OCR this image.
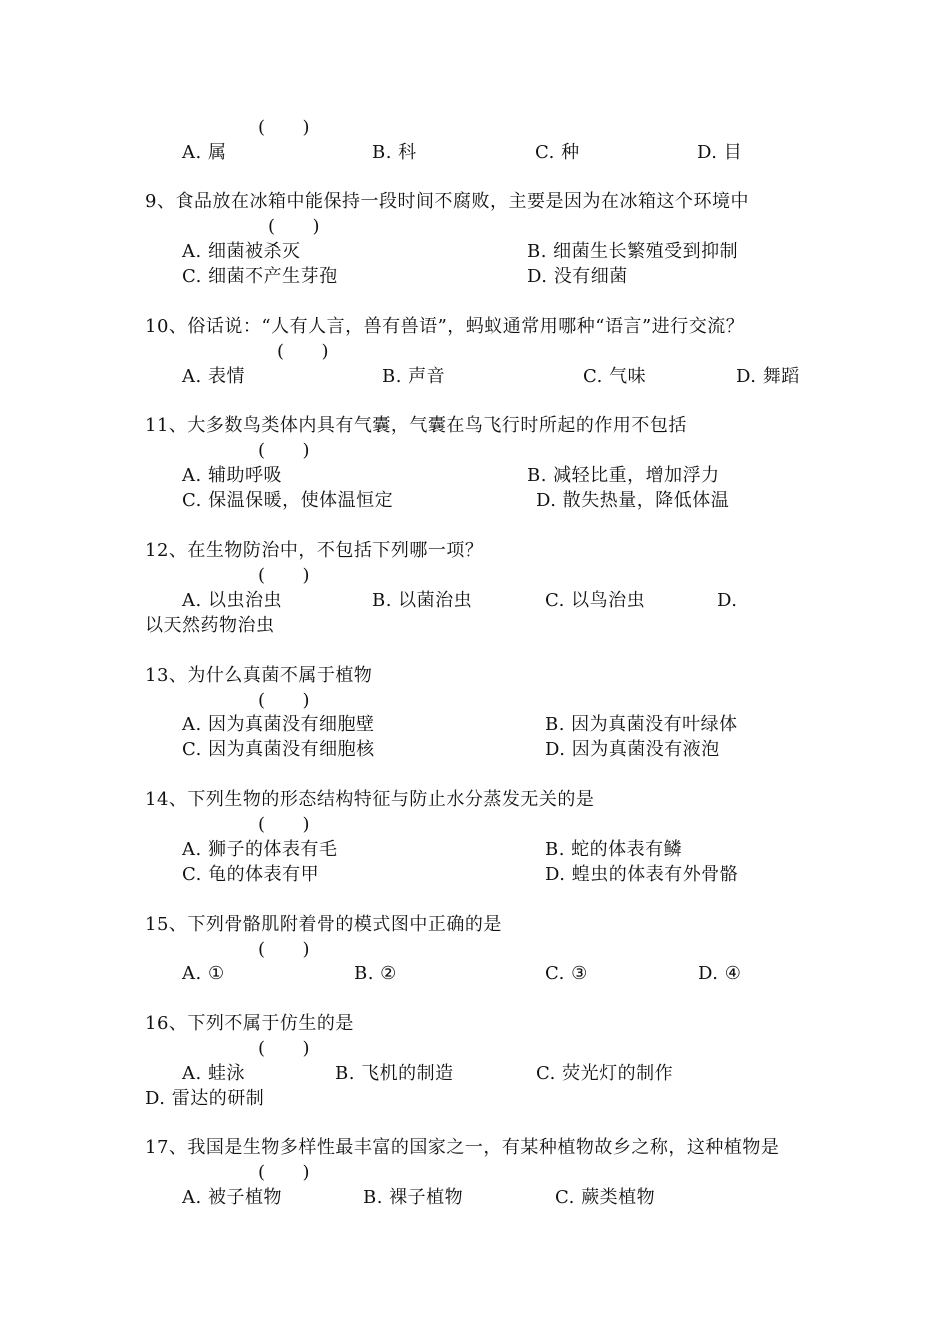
(　　)
A. 属	B. 科	C. 种	D. 目
9、食品放在冰箱中能保持一段时间不腐败，主要是因为在冰箱这个环境中
(　　)
A. 细菌被杀灭	B. 细菌生长繁殖受到抑制
C. 细菌不产生芽孢	D. 没有细菌
10、俗话说：“人有人言，兽有兽语”，蚂蚁通常用哪种“语言”进行交流？
(　　)
A. 表情	B. 声音	C. 气味	D. 舞蹈
11、大多数鸟类体内具有气囊，气囊在鸟飞行时所起的作用不包括
(　　)
A. 辅助呼吸	B. 减轻比重，增加浮力
C. 保温保暖，使体温恒定	D. 散失热量，降低体温
12、在生物防治中，不包括下列哪一项？
(　　)
A. 以虫治虫	B. 以菌治虫	C. 以鸟治虫	D.
以天然药物治虫
13、为什么真菌不属于植物
(　　)
A. 因为真菌没有细胞壁	B. 因为真菌没有叶绿体
C. 因为真菌没有细胞核	D. 因为真菌没有液泡
14、下列生物的形态结构特征与防止水分蒸发无关的是
(　　)
A. 狮子的体表有毛	B. 蛇的体表有鳞
C. 龟的体表有甲	D. 蝗虫的体表有外骨骼
15、下列骨骼肌附着骨的模式图中正确的是
(　　)
A. ①	B. ②	C. ③	D. ④
16、下列不属于仿生的是
(　　)
A. 蛙泳	B. 飞机的制造	C. 荧光灯的制作
D. 雷达的研制
17、我国是生物多样性最丰富的国家之一，有某种植物故乡之称，这种植物是
(　　)
A. 被子植物	B. 裸子植物	C. 蕨类植物
